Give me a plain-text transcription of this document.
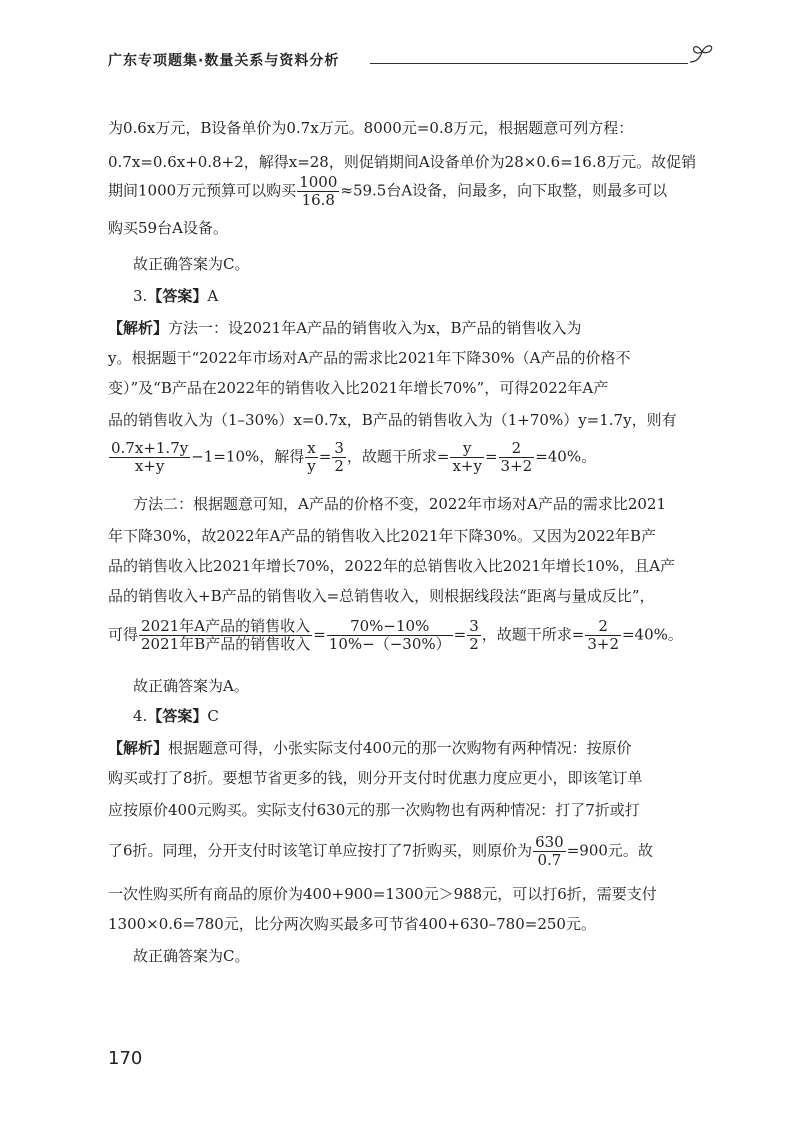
广东专项题集·数量关系与资料分析
为0.6x万元，B设备单价为0.7x万元。8000元=0.8万元，根据题意可列方程：
0.7x=0.6x+0.8+2，解得x=28，则促销期间A设备单价为28×0.6=16.8万元。故促销
期间1000万元预算可以购买 $\frac{1000}{16.8} \approx 59.5$台A设备，问最多，向下取整，则最多可以
购买59台A设备。
故正确答案为C。
3.【答案】A
【解析】方法一：设2021年A产品的销售收入为x，B产品的销售收入为
y。根据题干“2022年市场对A产品的需求比2021年下降30%（A产品的价格不
变）”及“B产品在2022年的销售收入比2021年增长70%”，可得2022年A产
品的销售收入为（1–30%）x=0.7x，B产品的销售收入为（1+70%）y=1.7y，则有
$\frac{0.7x+1.7y}{x+y} -1=10\%$，解得 $\frac{x}{y} = \frac{3}{2}$ ，故题干所求= $\frac{y}{x+y} = \frac{2}{3+2} =40\%$。
方法二：根据题意可知，A产品的价格不变，2022年市场对A产品的需求比2021
年下降30%，故2022年A产品的销售收入比2021年下降30%。又因为2022年B产
品的销售收入比2021年增长70%，2022年的总销售收入比2021年增长10%，且A产
品的销售收入+B产品的销售收入=总销售收入，则根据线段法“距离与量成反比”，
可得 $\frac{\text{2021年A产品的销售收入}}{\text{2021年B产品的销售收入}} = \frac{70\%-10\%}{10\%-(-30\%)} = \frac{3}{2}$ ，故题干所求= $\frac{2}{3+2} =40\%$。
故正确答案为A。
4.【答案】C
【解析】根据题意可得，小张实际支付400元的那一次购物有两种情况：按原价
购买或打了8折。要想节省更多的钱，则分开支付时优惠力度应更小，即该笔订单
应按原价400元购买。实际支付630元的那一次购物也有两种情况：打了7折或打
了6折。同理，分开支付时该笔订单应按打了7折购买，则原价为 $\frac{630}{0.7} =900$元。故
一次性购买所有商品的原价为400+900=1300元＞988元，可以打6折，需要支付
1300×0.6=780元，比分两次购买最多可节省400+630–780=250元。
故正确答案为C。
170
